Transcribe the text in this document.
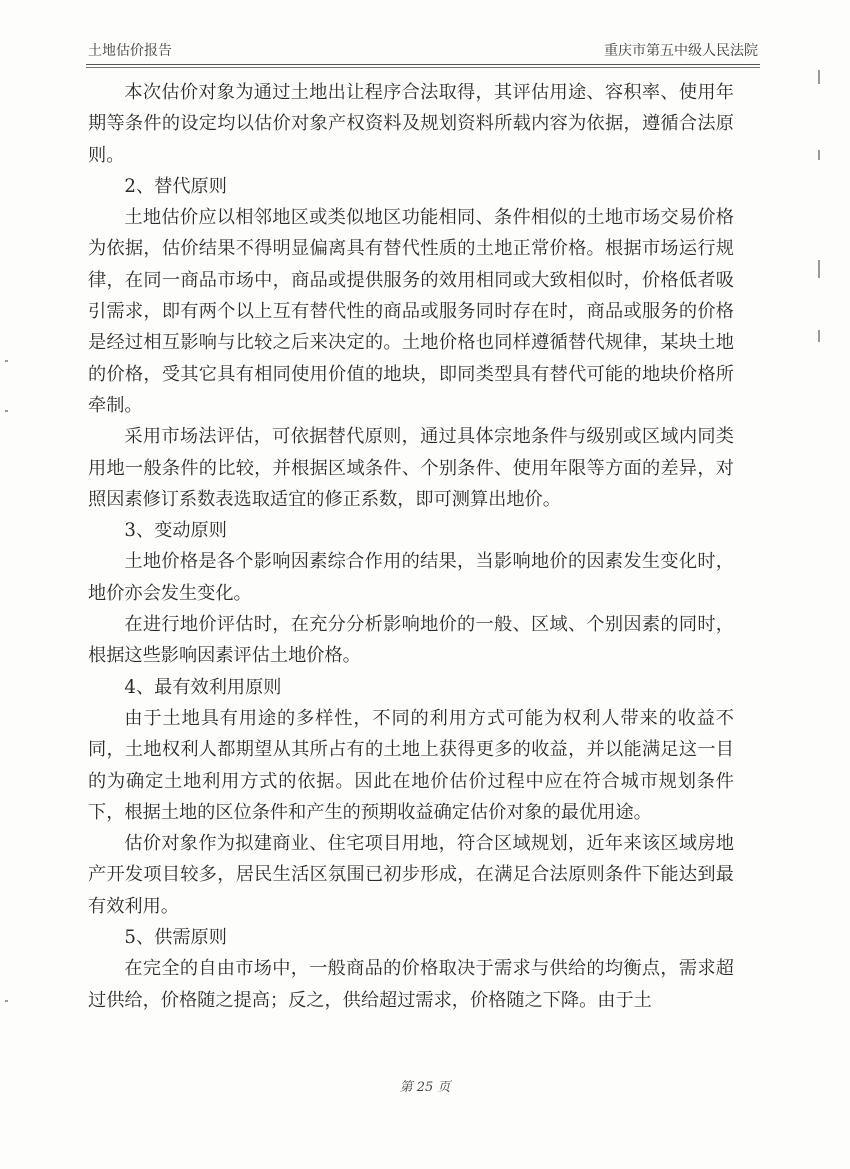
土地估价报告	重庆市第五中级人民法院

本次估价对象为通过土地出让程序合法取得，其评估用途、容积率、使用年期等条件的设定均以估价对象产权资料及规划资料所载内容为依据，遵循合法原则。

2、替代原则

土地估价应以相邻地区或类似地区功能相同、条件相似的土地市场交易价格为依据，估价结果不得明显偏离具有替代性质的土地正常价格。根据市场运行规律，在同一商品市场中，商品或提供服务的效用相同或大致相似时，价格低者吸引需求，即有两个以上互有替代性的商品或服务同时存在时，商品或服务的价格是经过相互影响与比较之后来决定的。土地价格也同样遵循替代规律，某块土地的价格，受其它具有相同使用价值的地块，即同类型具有替代可能的地块价格所牵制。

采用市场法评估，可依据替代原则，通过具体宗地条件与级别或区域内同类用地一般条件的比较，并根据区域条件、个别条件、使用年限等方面的差异，对照因素修订系数表选取适宜的修正系数，即可测算出地价。

3、变动原则

土地价格是各个影响因素综合作用的结果，当影响地价的因素发生变化时，地价亦会发生变化。

在进行地价评估时，在充分分析影响地价的一般、区域、个别因素的同时，根据这些影响因素评估土地价格。

4、最有效利用原则

由于土地具有用途的多样性，不同的利用方式可能为权利人带来的收益不同，土地权利人都期望从其所占有的土地上获得更多的收益，并以能满足这一目的为确定土地利用方式的依据。因此在地价估价过程中应在符合城市规划条件下，根据土地的区位条件和产生的预期收益确定估价对象的最优用途。

估价对象作为拟建商业、住宅项目用地，符合区域规划，近年来该区域房地产开发项目较多，居民生活区氛围已初步形成，在满足合法原则条件下能达到最有效利用。

5、供需原则

在完全的自由市场中，一般商品的价格取决于需求与供给的均衡点，需求超过供给，价格随之提高；反之，供给超过需求，价格随之下降。由于土

第 25 页
